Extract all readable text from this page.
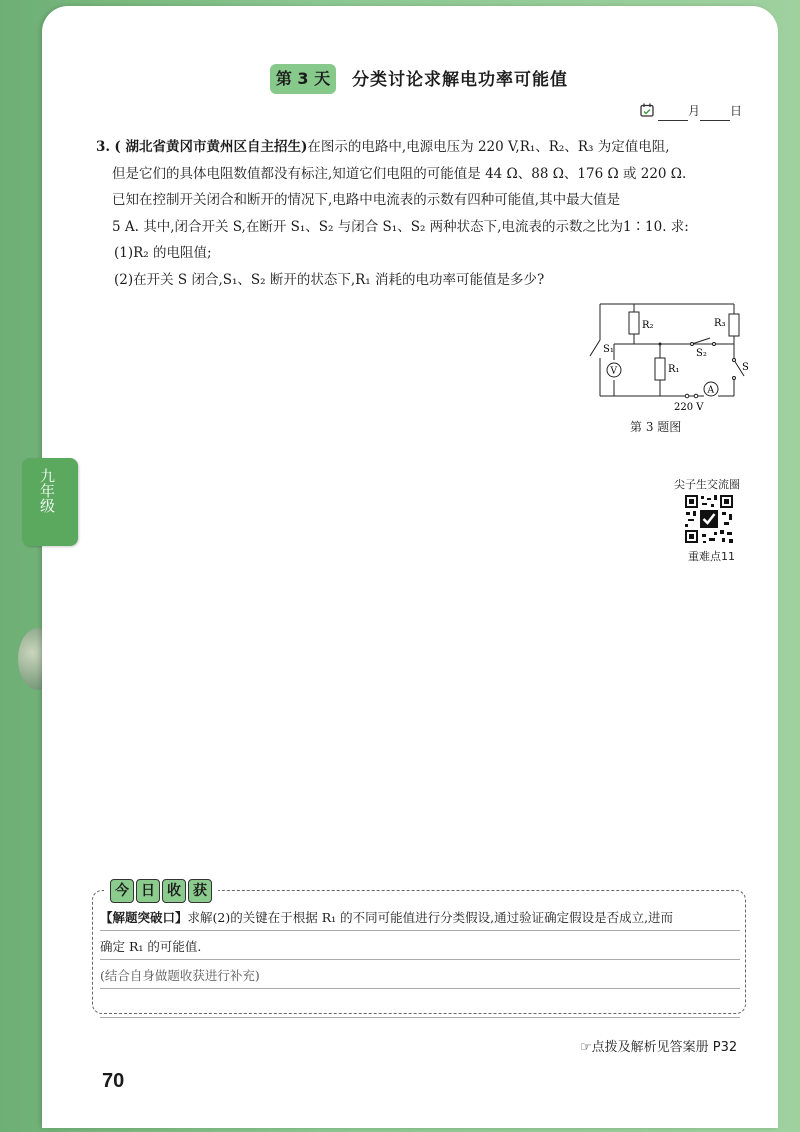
九年级
第 3 天	分类讨论求解电功率可能值
月	日

3. ( 湖北省黄冈市黄州区自主招生)在图示的电路中,电源电压为 220 V,R₁、R₂、R₃ 为定值电阻,

但是它们的具体电阻数值都没有标注,知道它们电阻的可能值是 44 Ω、88 Ω、176 Ω 或 220 Ω.

已知在控制开关闭合和断开的情况下,电路中电流表的示数有四种可能值,其中最大值是

5 A. 其中,闭合开关 S,在断开 S₁、S₂ 与闭合 S₁、S₂ 两种状态下,电流表的示数之比为1∶10. 求:

(1)R₂ 的电阻值;

(2)在开关 S 闭合,S₁、S₂ 断开的状态下,R₁ 消耗的电功率可能值是多少?

R₂	R₃
R₁
S₁	S₂
S
V
A
220 V
第 3 题图
尖子生交流圈
重难点11
今 日 收 获
【解题突破口】求解(2)的关键在于根据 R₁ 的不同可能值进行分类假设,通过验证确定假设是否成立,进而
确定 R₁ 的可能值.
(结合自身做题收获进行补充)
☞点拨及解析见答案册 P32
70
